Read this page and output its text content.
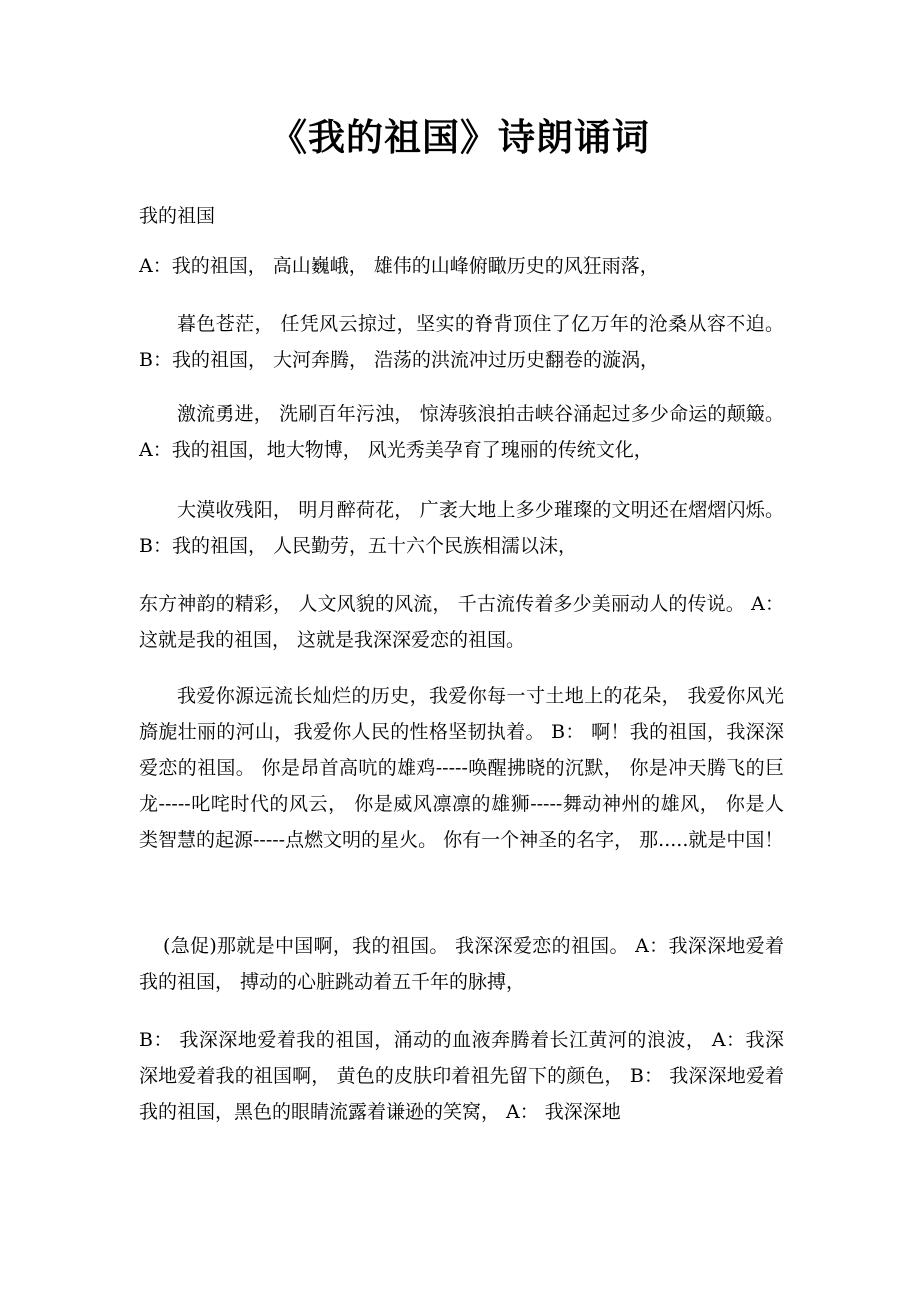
《我的祖国》诗朗诵词

我的祖国

A：我的祖国， 高山巍峨， 雄伟的山峰俯瞰历史的风狂雨落，

暮色苍茫， 任凭风云掠过，坚实的脊背顶住了亿万年的沧桑从容不迫。 B：我的祖国， 大河奔腾， 浩荡的洪流冲过历史翻卷的漩涡，

激流勇进， 洗刷百年污浊， 惊涛骇浪拍击峡谷涌起过多少命运的颠簸。 A：我的祖国，地大物博， 风光秀美孕育了瑰丽的传统文化，

大漠收残阳， 明月醉荷花， 广袤大地上多少璀璨的文明还在熠熠闪烁。 B：我的祖国， 人民勤劳，五十六个民族相濡以沫，

东方神韵的精彩， 人文风貌的风流， 千古流传着多少美丽动人的传说。 A：这就是我的祖国， 这就是我深深爱恋的祖国。

我爱你源远流长灿烂的历史，我爱你每一寸土地上的花朵， 我爱你风光旖旎壮丽的河山，我爱你人民的性格坚韧执着。 B： 啊！我的祖国，我深深爱恋的祖国。 你是昂首高吭的雄鸡-----唤醒拂晓的沉默， 你是冲天腾飞的巨龙-----叱咤时代的风云， 你是威风凛凛的雄狮-----舞动神州的雄风， 你是人类智慧的起源-----点燃文明的星火。 你有一个神圣的名字， 那.....就是中国！

(急促)那就是中国啊，我的祖国。 我深深爱恋的祖国。 A：我深深地爱着我的祖国， 搏动的心脏跳动着五千年的脉搏，

B： 我深深地爱着我的祖国，涌动的血液奔腾着长江黄河的浪波， A：我深深地爱着我的祖国啊， 黄色的皮肤印着祖先留下的颜色， B： 我深深地爱着我的祖国，黑色的眼睛流露着谦逊的笑窝， A： 我深深地
